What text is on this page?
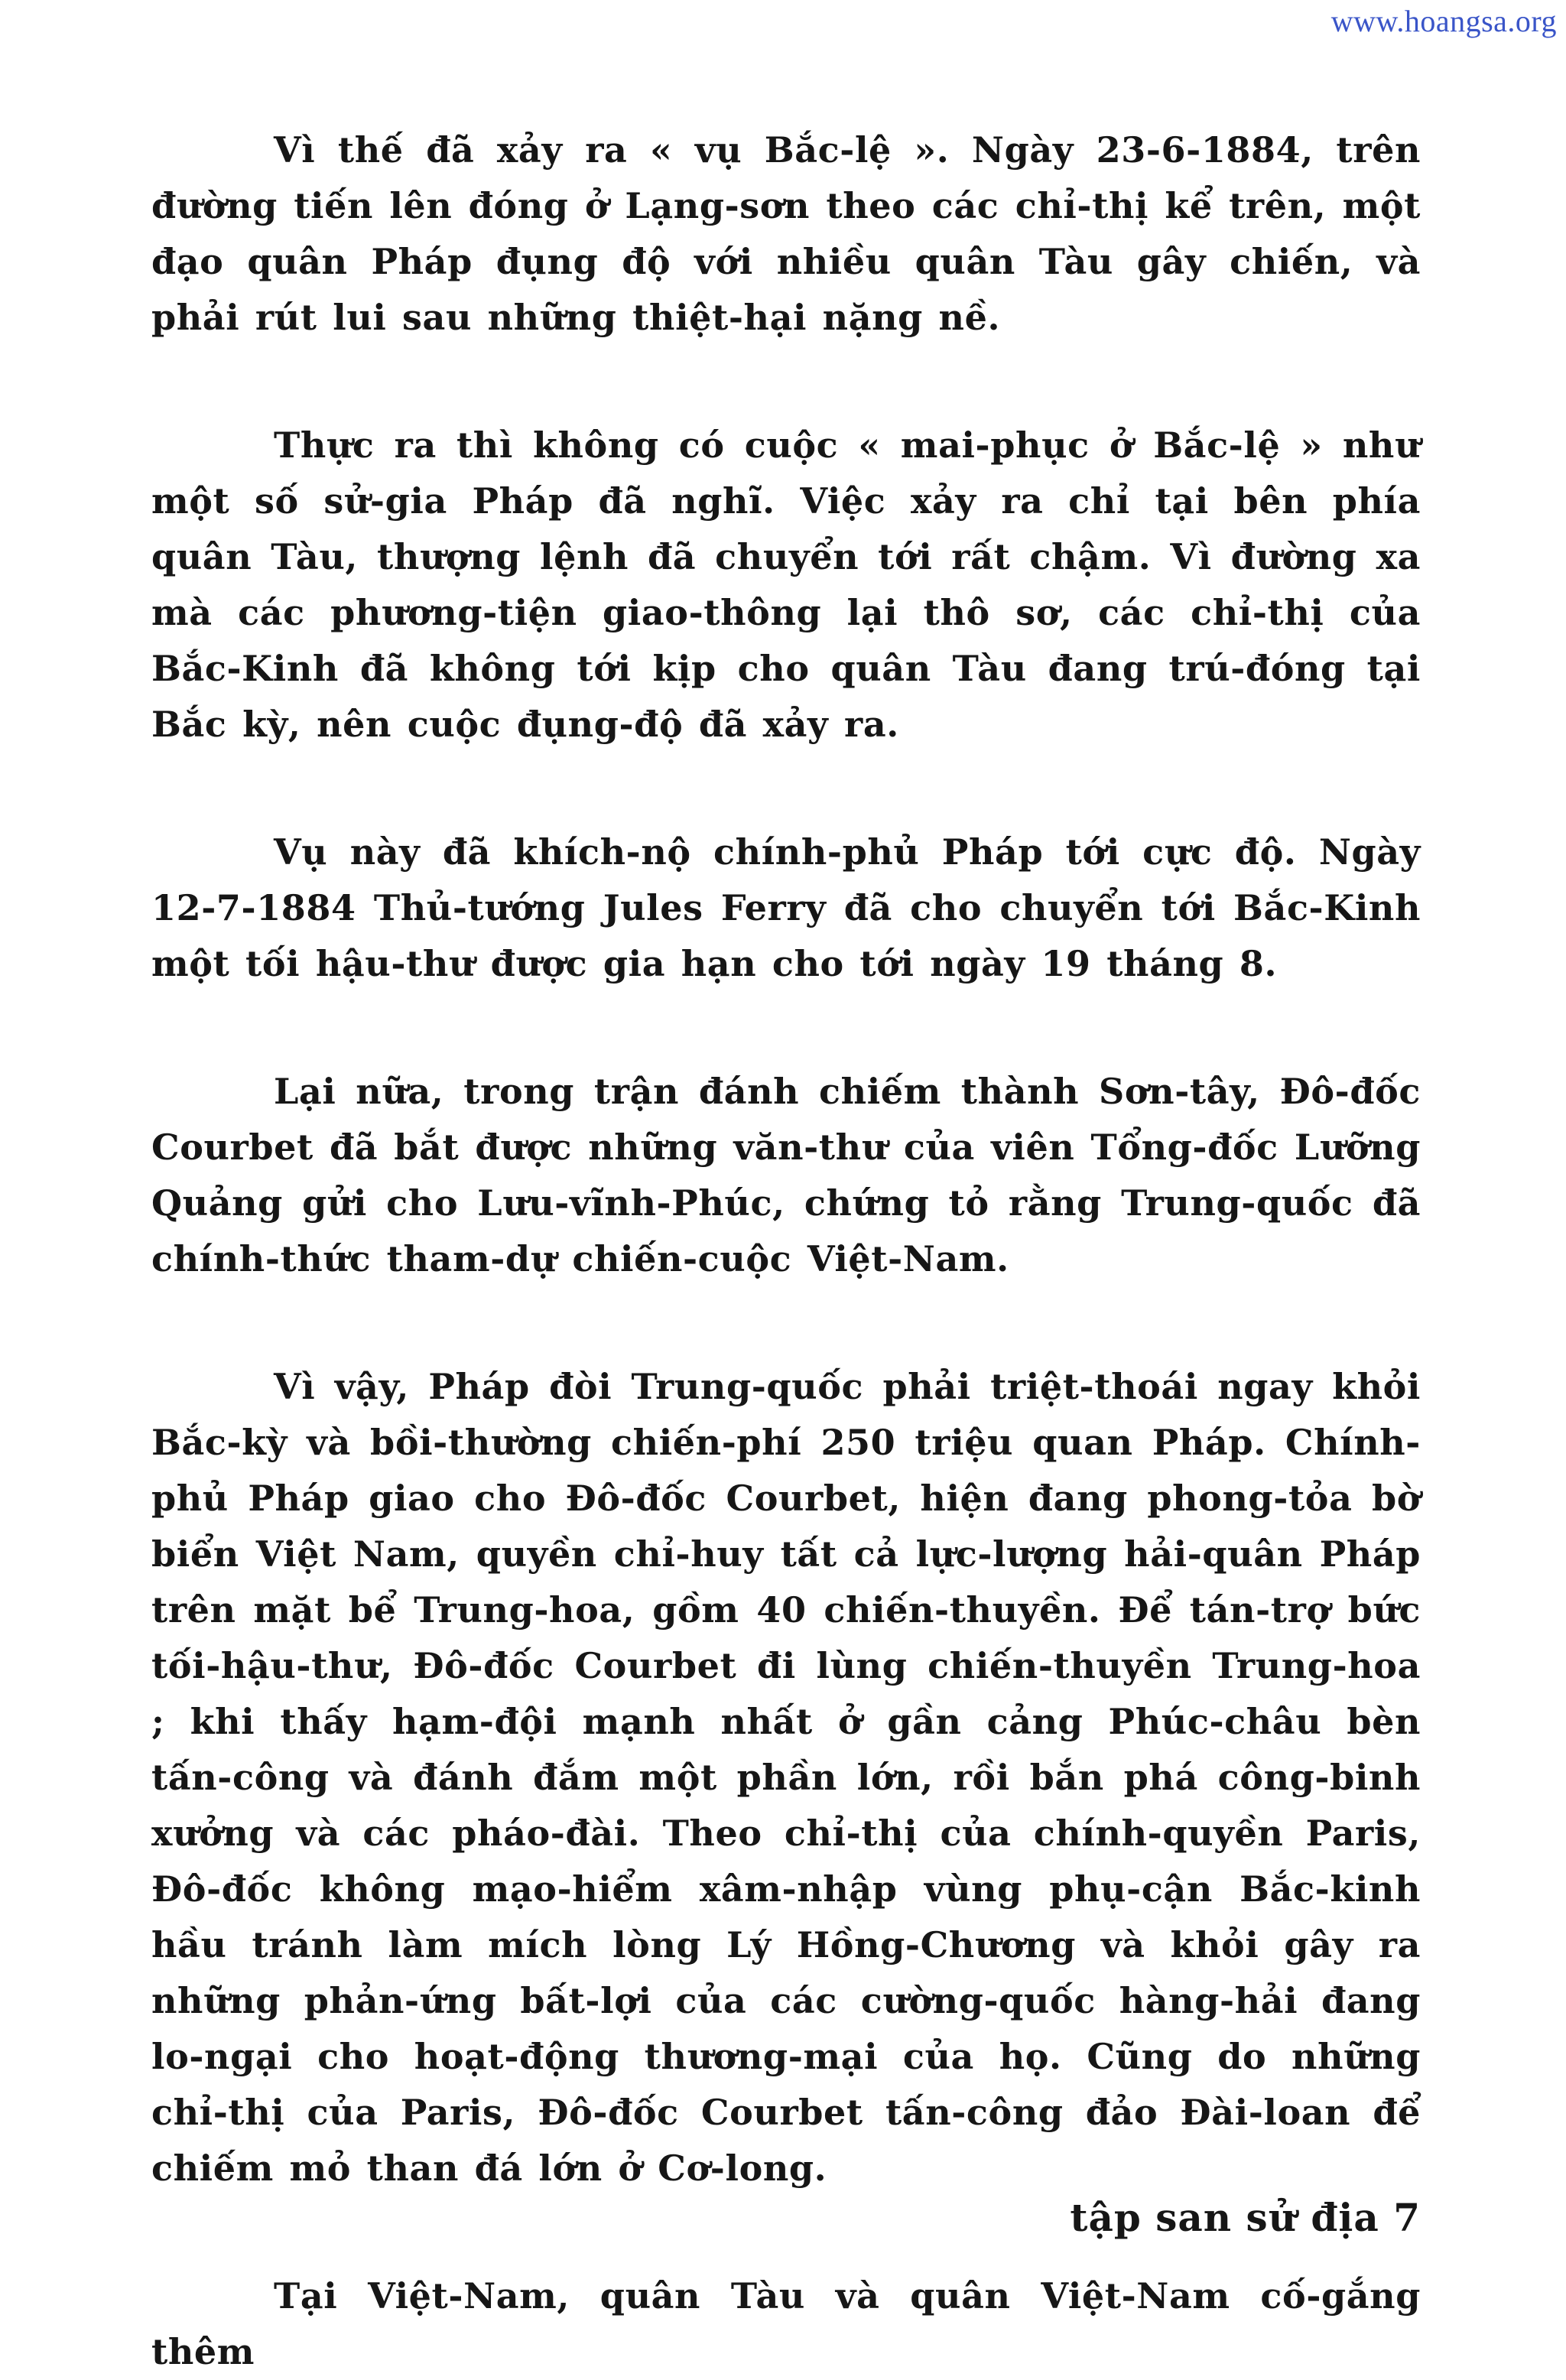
www.hoangsa.org

Vì thế đã xảy ra « vụ Bắc-lệ ». Ngày 23-6-1884, trên đường tiến lên đóng ở Lạng-sơn theo các chỉ-thị kể trên, một đạo quân Pháp đụng độ với nhiều quân Tàu gây chiến, và phải rút lui sau những thiệt-hại nặng nề.

Thực ra thì không có cuộc « mai-phục ở Bắc-lệ » như một số sử-gia Pháp đã nghĩ. Việc xảy ra chỉ tại bên phía quân Tàu, thượng lệnh đã chuyển tới rất chậm. Vì đường xa mà các phương-tiện giao-thông lại thô sơ, các chỉ-thị của Bắc-Kinh đã không tới kịp cho quân Tàu đang trú-đóng tại Bắc kỳ, nên cuộc đụng-độ đã xảy ra.

Vụ này đã khích-nộ chính-phủ Pháp tới cực độ. Ngày 12-7-1884 Thủ-tướng Jules Ferry đã cho chuyển tới Bắc-Kinh một tối hậu-thư được gia hạn cho tới ngày 19 tháng 8.

Lại nữa, trong trận đánh chiếm thành Sơn-tây, Đô-đốc Courbet đã bắt được những văn-thư của viên Tổng-đốc Lưỡng Quảng gửi cho Lưu-vĩnh-Phúc, chứng tỏ rằng Trung-quốc đã chính-thức tham-dự chiến-cuộc Việt-Nam.

Vì vậy, Pháp đòi Trung-quốc phải triệt-thoái ngay khỏi Bắc-kỳ và bồi-thường chiến-phí 250 triệu quan Pháp. Chính-phủ Pháp giao cho Đô-đốc Courbet, hiện đang phong-tỏa bờ biển Việt Nam, quyền chỉ-huy tất cả lực-lượng hải-quân Pháp trên mặt bể Trung-hoa, gồm 40 chiến-thuyền. Để tán-trợ bức tối-hậu-thư, Đô-đốc Courbet đi lùng chiến-thuyền Trung-hoa ; khi thấy hạm-đội mạnh nhất ở gần cảng Phúc-châu bèn tấn-công và đánh đắm một phần lớn, rồi bắn phá công-binh xưởng và các pháo-đài. Theo chỉ-thị của chính-quyền Paris, Đô-đốc không mạo-hiểm xâm-nhập vùng phụ-cận Bắc-kinh hầu tránh làm mích lòng Lý Hồng-Chương và khỏi gây ra những phản-ứng bất-lợi của các cường-quốc hàng-hải đang lo-ngại cho hoạt-động thương-mại của họ. Cũng do những chỉ-thị của Paris, Đô-đốc Courbet tấn-công đảo Đài-loan để chiếm mỏ than đá lớn ở Cơ-long.

Tại Việt-Nam, quân Tàu và quân Việt-Nam cố-gắng thêm

tập san sử địa 7
